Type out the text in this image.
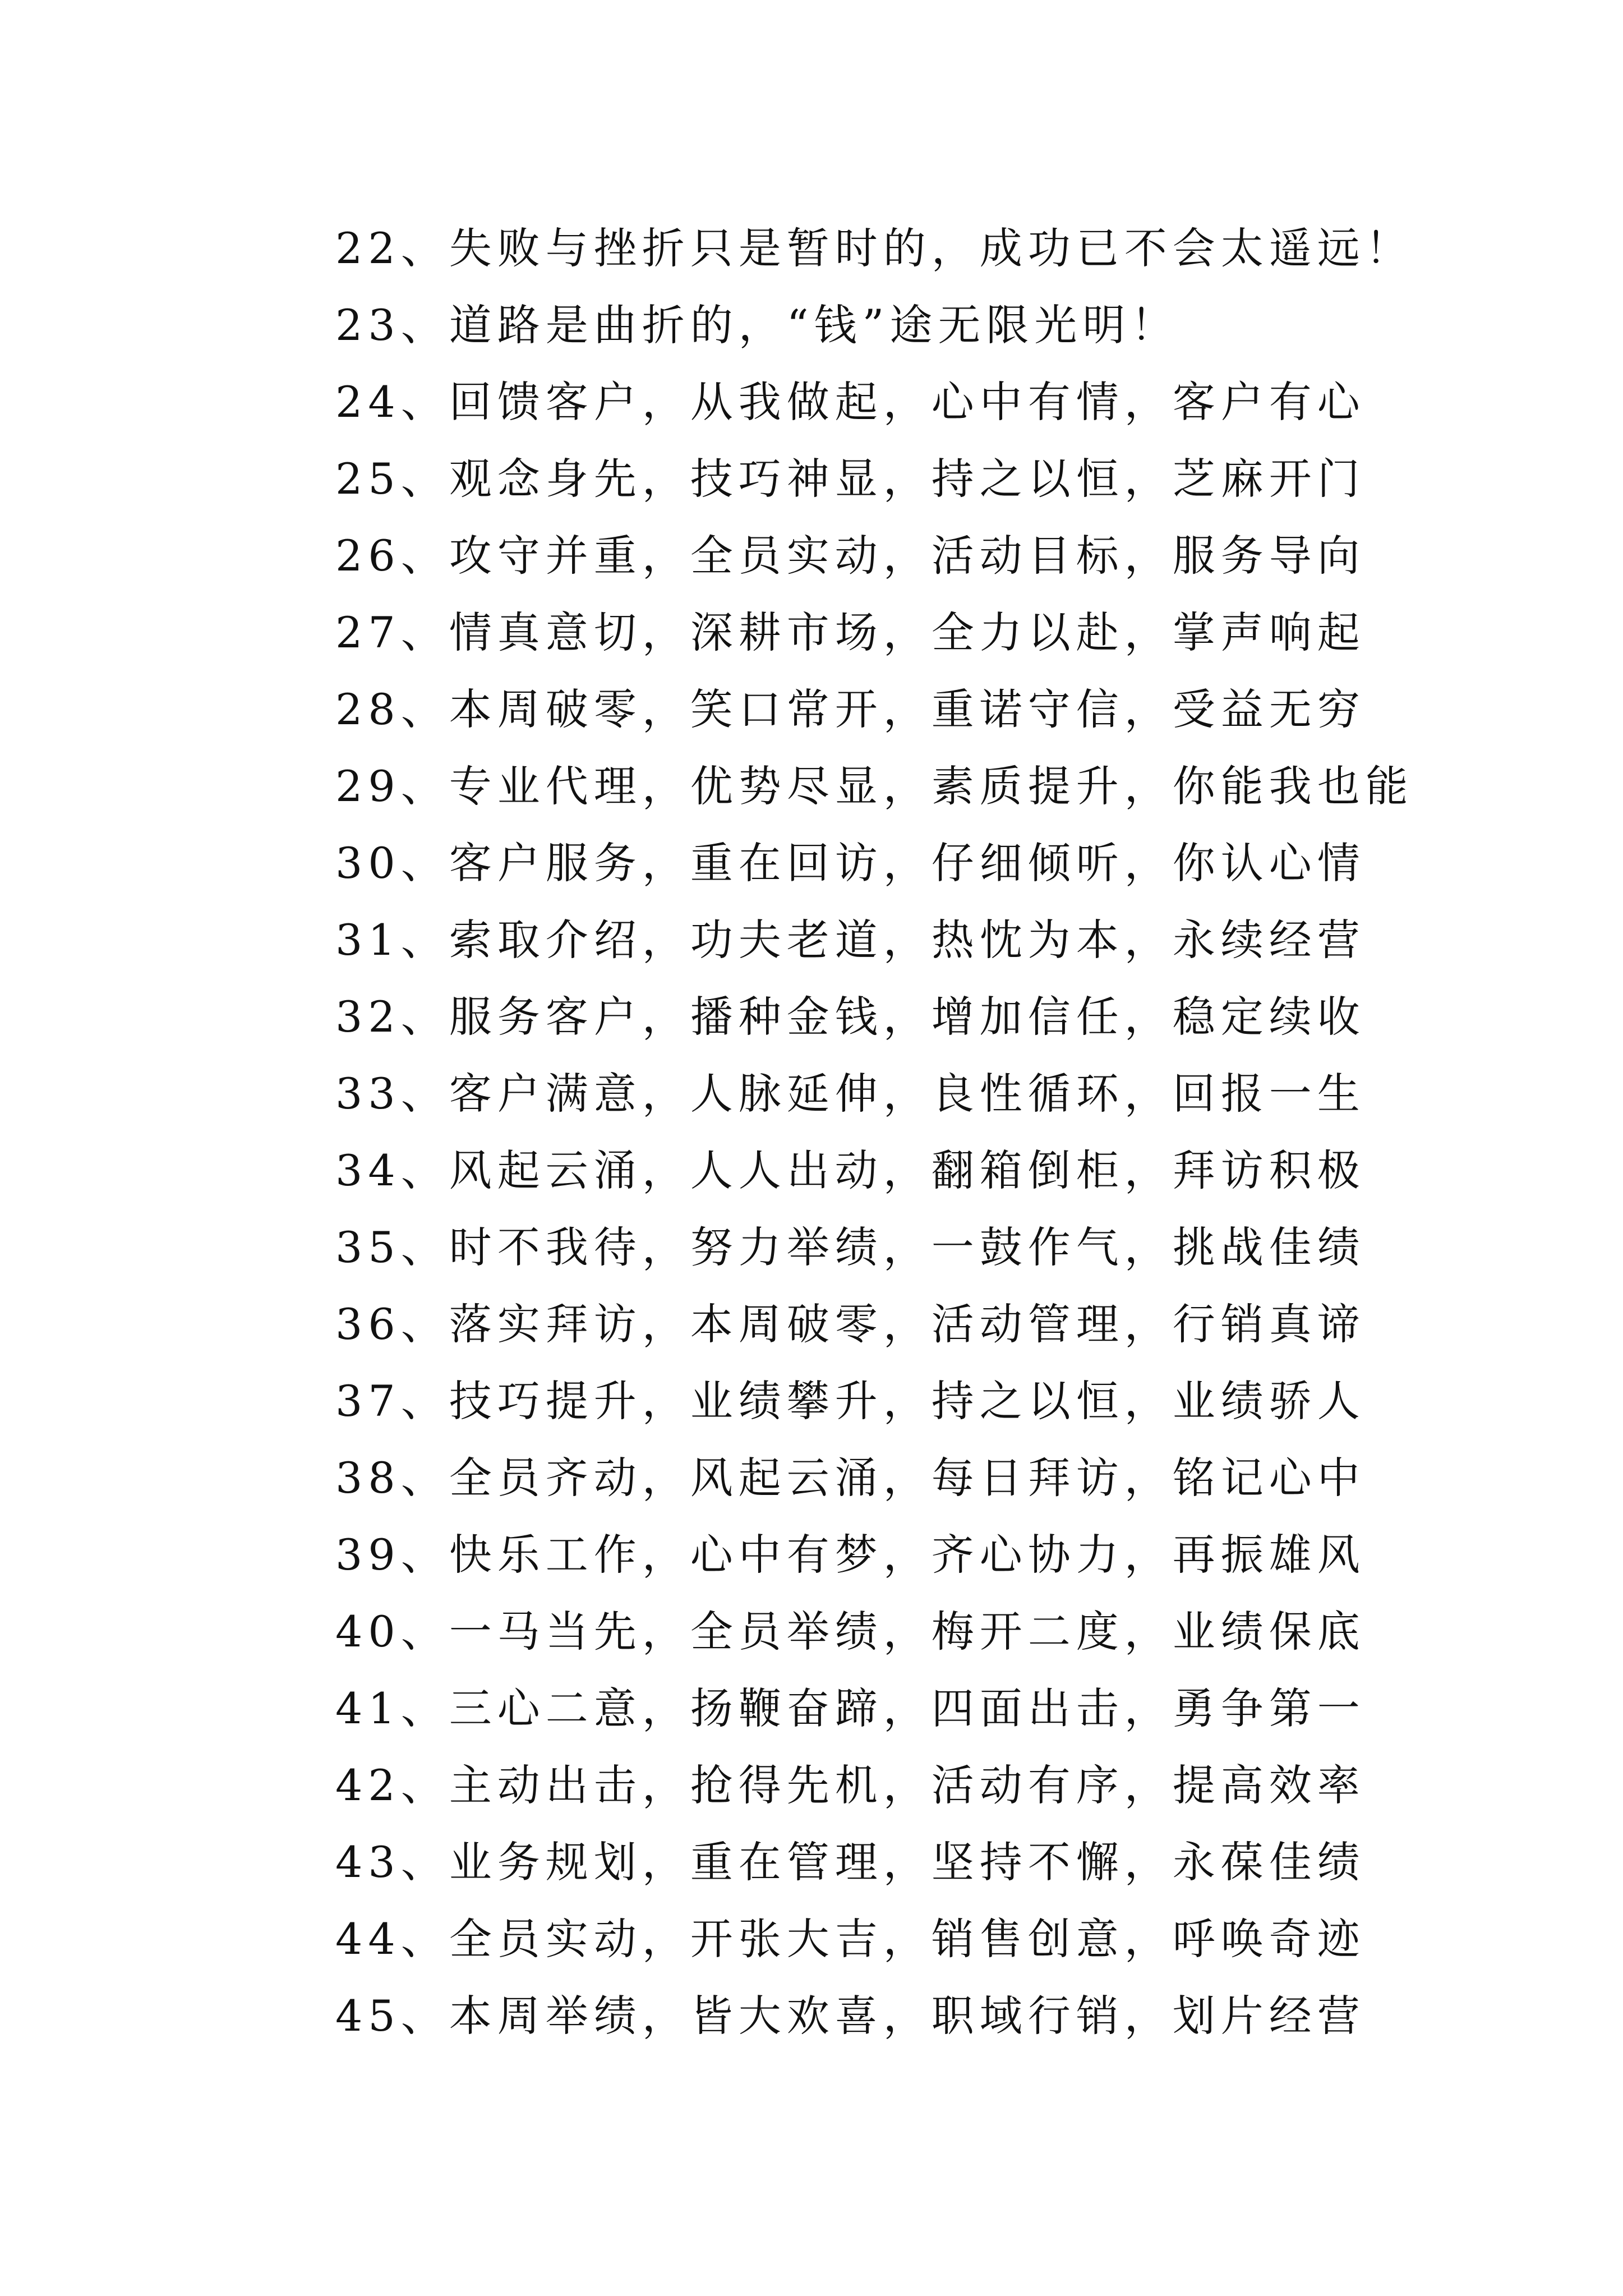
22、失败与挫折只是暂时的，成功已不会太遥远！
23、道路是曲折的，“钱”途无限光明！
24、回馈客户，从我做起，心中有情，客户有心
25、观念身先，技巧神显，持之以恒，芝麻开门
26、攻守并重，全员实动，活动目标，服务导向
27、情真意切，深耕市场，全力以赴，掌声响起
28、本周破零，笑口常开，重诺守信，受益无穷
29、专业代理，优势尽显，素质提升，你能我也能
30、客户服务，重在回访，仔细倾听，你认心情
31、索取介绍，功夫老道，热忱为本，永续经营
32、服务客户，播种金钱，增加信任，稳定续收
33、客户满意，人脉延伸，良性循环，回报一生
34、风起云涌，人人出动，翻箱倒柜，拜访积极
35、时不我待，努力举绩，一鼓作气，挑战佳绩
36、落实拜访，本周破零，活动管理，行销真谛
37、技巧提升，业绩攀升，持之以恒，业绩骄人
38、全员齐动，风起云涌，每日拜访，铭记心中
39、快乐工作，心中有梦，齐心协力，再振雄风
40、一马当先，全员举绩，梅开二度，业绩保底
41、三心二意，扬鞭奋蹄，四面出击，勇争第一
42、主动出击，抢得先机，活动有序，提高效率
43、业务规划，重在管理，坚持不懈，永葆佳绩
44、全员实动，开张大吉，销售创意，呼唤奇迹
45、本周举绩，皆大欢喜，职域行销，划片经营
